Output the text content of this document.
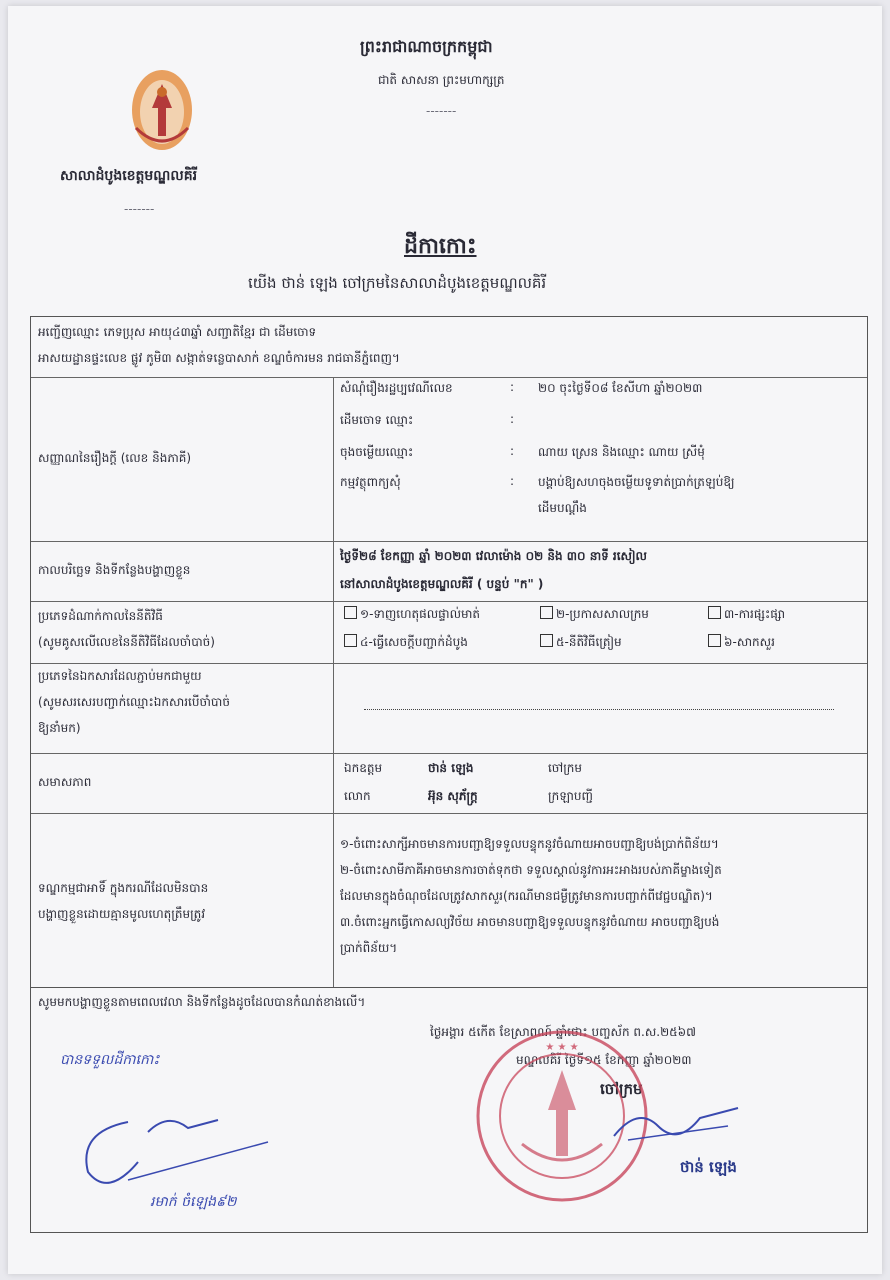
ព្រះរាជាណាចក្រកម្ពុជា
ជាតិ សាសនា ព្រះមហាក្សត្រ
-------
សាលាដំបូងខេត្តមណ្ឌលគិរី
-------
ដីកាកោះ
យើង ថាន់ ឡេង ចៅក្រមនៃសាលាដំបូងខេត្តមណ្ឌលគិរី
អញ្ជើញឈ្មោះ ភេទប្រុស អាយុ៤៣ឆ្នាំ សញ្ជាតិខ្មែរ ជា ដើមចោទ
អាសយដ្ឋានផ្ទះលេខ ផ្លូវ ភូមិ៣ សង្កាត់ទន្លេបាសាក់ ខណ្ឌចំការមន រាជធានីភ្នំពេញ។
សញ្ញាណនៃរឿងក្តី (លេខ និងភាគី)
សំណុំរឿងរដ្ឋប្បវេណីលេខ	: ២០ ចុះថ្ងៃទី០៨ ខែសីហា ឆ្នាំ២០២៣
ដើមចោទ ឈ្មោះ	:
ចុងចម្លើយឈ្មោះ	: ណាយ ស្រេន និងឈ្មោះ ណាយ ស្រីមុំ
កម្មវត្ថុពាក្យសុំ	: បង្គាប់ឱ្យសហចុងចម្លើយទូទាត់ប្រាក់ត្រឡប់ឱ្យ
ដើមបណ្ដឹង
កាលបរិច្ឆេទ និងទីកន្លែងបង្ហាញខ្លួន
ថ្ងៃទី២៨ ខែកញ្ញា ឆ្នាំ ២០២៣ វេលាម៉ោង ០២ និង ៣០ នាទី រសៀល
នៅសាលាដំបូងខេត្តមណ្ឌលគិរី ( បន្ទប់ "ក" )
ប្រភេទដំណាក់កាលនៃនីតិវិធី
(សូមគូសលើលេខនៃនីតិវិធីដែលចាំបាច់)
១-ទាញហេតុផលផ្ទាល់មាត់	២-ប្រកាសសាលក្រម	៣-ការផ្សះផ្សា
៤-ធ្វើសេចក្ដីបញ្ជាក់ដំបូង	៥-នីតិវិធីត្រៀម	៦-សាកសួរ
ប្រភេទនៃឯកសារដែលភ្ជាប់មកជាមួយ
(សូមសរសេរបញ្ជាក់ឈ្មោះឯកសារបើចាំបាច់
ឱ្យនាំមក)
សមាសភាព
ឯកឧត្តម	ថាន់ ឡេង	ចៅក្រម
លោក	អ៊ុន សុភ័ក្ត្រ	ក្រឡាបញ្ជី
ទណ្ឌកម្មជាអាទិ៍ ក្នុងករណីដែលមិនបាន
បង្ហាញខ្លួនដោយគ្មានមូលហេតុត្រឹមត្រូវ
១-ចំពោះសាក្សីអាចមានការបញ្ជាឱ្យទទួលបន្ទុកនូវចំណាយអាចបញ្ជាឱ្យបង់ប្រាក់ពិន័យ។
២-ចំពោះសាមីភាគីអាចមានការចាត់ទុកថា ទទួលស្គាល់នូវការអះអាងរបស់ភាគីម្ខាងទៀត
ដែលមានក្នុងចំណុចដែលត្រូវសាកសួរ(ករណីមានជម្ងឺត្រូវមានការបញ្ជាក់ពីវេជ្ជបណ្ឌិត)។
៣.ចំពោះអ្នកធ្វើកោសល្យវិច័យ អាចមានបញ្ជាឱ្យទទួលបន្ទុកនូវចំណាយ អាចបញ្ជាឱ្យបង់
ប្រាក់ពិន័យ។
សូមមកបង្ហាញខ្លួនតាមពេលវេលា និងទីកន្លែងដូចដែលបានកំណត់ខាងលើ។
ថ្ងៃអង្គារ ៥កើត ខែស្រាពណ៍ ឆ្នាំថោះ បញ្ចស័ក ព.ស.២៥៦៧
មណ្ឌលគិរី ថ្ងៃទី១៥ ខែកញ្ញា ឆ្នាំ២០២៣
ចៅក្រម
ថាន់ ឡេង
★ ★ ★
បានទទួលដីកាកោះ
រមាក់ ចំឡេង៩២
